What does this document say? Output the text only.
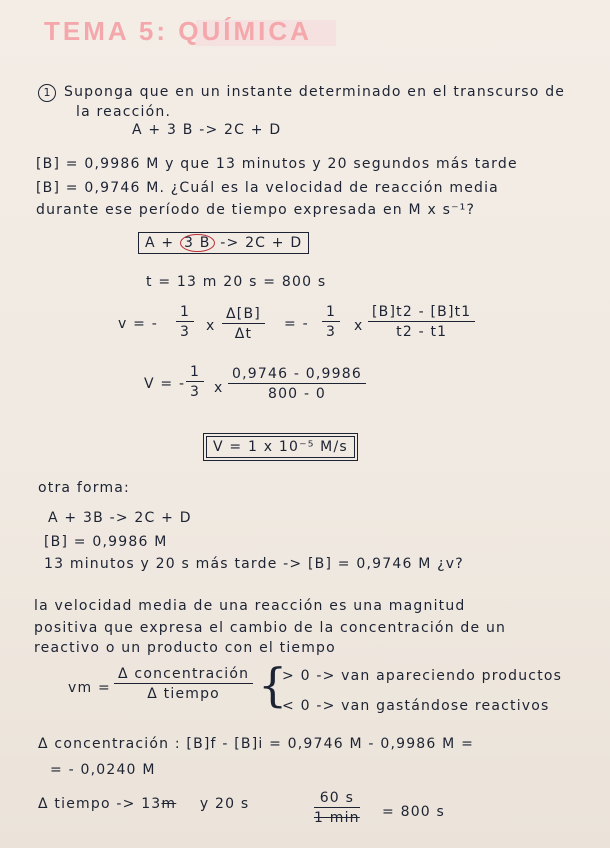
TEMA 5: QUÍMICA
1 Suponga que en un instante determinado en el transcurso de
la reacción.
A + 3 B -> 2C + D
[B] = 0,9986 M y que 13 minutos y 20 segundos más tarde
[B] = 0,9746 M. ¿Cuál es la velocidad de reacción media
durante ese período de tiempo expresada en M x s⁻¹?
A + 3 B -> 2C + D
t = 13 m 20 s = 800 s
v = - $\frac{1}{3}$ x $\frac{\Delta[B]}{\Delta t}$ = - $\frac{1}{3}$ x $\frac{[B]t2 - [B]t1}{t2 - t1}$
V = - $\frac{1}{3}$ x $\frac{0,9746 - 0,9986}{800 - 0}$
V = 1 x 10⁻⁵ M/s
otra forma:
A + 3B -> 2C + D
[B] = 0,9986 M
13 minutos y 20 s más tarde -> [B] = 0,9746 M ¿v?
la velocidad media de una reacción es una magnitud
positiva que expresa el cambio de la concentración de un
reactivo o un producto con el tiempo
vm =
Δ concentración
Δ tiempo {
> 0 -> van apareciendo productos
< 0 -> van gastándose reactivos
Δ concentración : [B]f - [B]i = 0,9746 M - 0,9986 M =
= - 0,0240 M
Δ tiempo -> 13m y 20 s	60 s
1 min = 800 s
